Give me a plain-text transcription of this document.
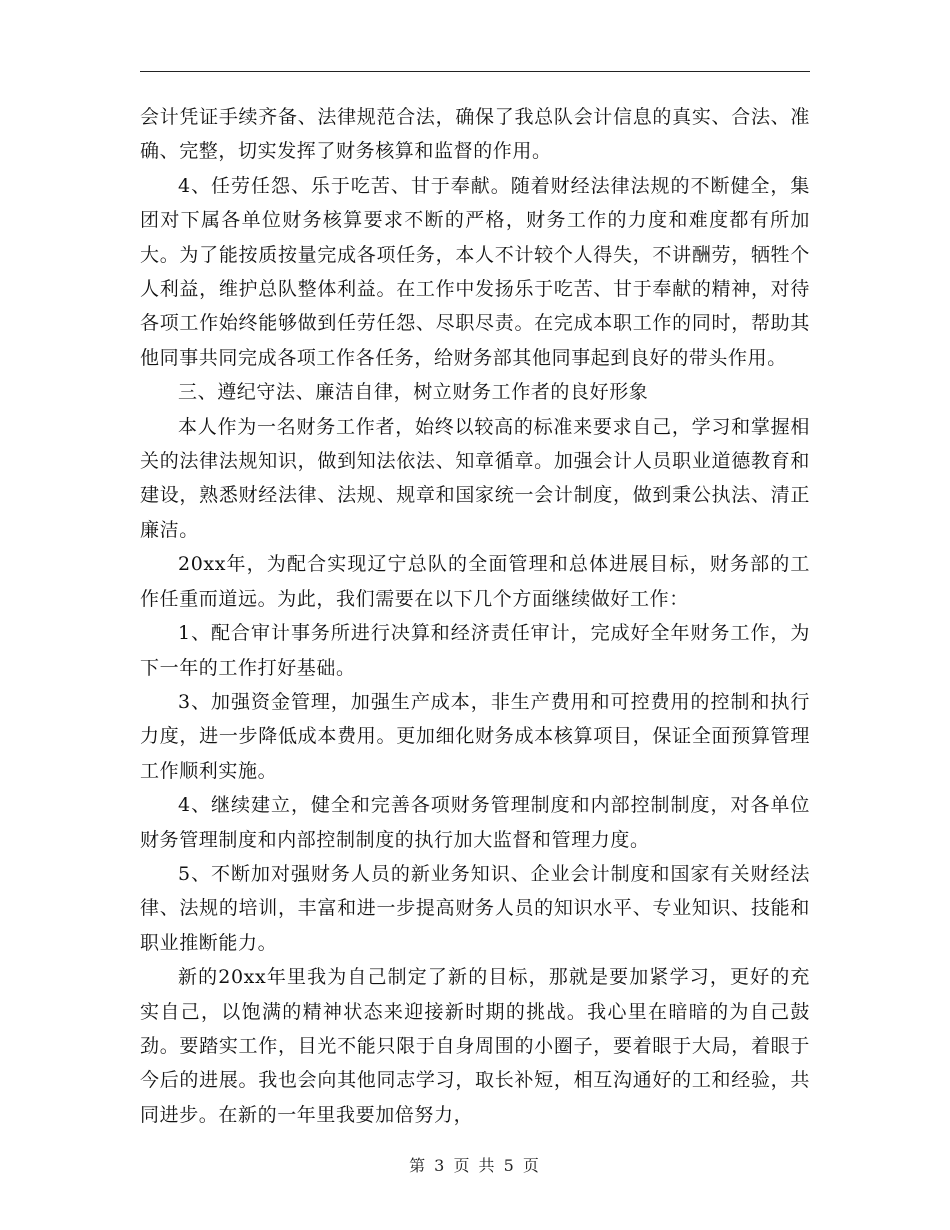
会计凭证手续齐备、法律规范合法，确保了我总队会计信息的真实、合法、准确、完整，切实发挥了财务核算和监督的作用。

4、任劳任怨、乐于吃苦、甘于奉献。随着财经法律法规的不断健全，集团对下属各单位财务核算要求不断的严格，财务工作的力度和难度都有所加大。为了能按质按量完成各项任务，本人不计较个人得失，不讲酬劳，牺牲个人利益，维护总队整体利益。在工作中发扬乐于吃苦、甘于奉献的精神，对待各项工作始终能够做到任劳任怨、尽职尽责。在完成本职工作的同时，帮助其他同事共同完成各项工作各任务，给财务部其他同事起到良好的带头作用。

三、遵纪守法、廉洁自律，树立财务工作者的良好形象

本人作为一名财务工作者，始终以较高的标准来要求自己，学习和掌握相关的法律法规知识，做到知法依法、知章循章。加强会计人员职业道德教育和建设，熟悉财经法律、法规、规章和国家统一会计制度，做到秉公执法、清正廉洁。

20xx年，为配合实现辽宁总队的全面管理和总体进展目标，财务部的工作任重而道远。为此，我们需要在以下几个方面继续做好工作：

1、配合审计事务所进行决算和经济责任审计，完成好全年财务工作，为下一年的工作打好基础。

3、加强资金管理，加强生产成本，非生产费用和可控费用的控制和执行力度，进一步降低成本费用。更加细化财务成本核算项目，保证全面预算管理工作顺利实施。

4、继续建立，健全和完善各项财务管理制度和内部控制制度，对各单位财务管理制度和内部控制制度的执行加大监督和管理力度。

5、不断加对强财务人员的新业务知识、企业会计制度和国家有关财经法律、法规的培训，丰富和进一步提高财务人员的知识水平、专业知识、技能和职业推断能力。

新的20xx年里我为自己制定了新的目标，那就是要加紧学习，更好的充实自己，以饱满的精神状态来迎接新时期的挑战。我心里在暗暗的为自己鼓劲。要踏实工作，目光不能只限于自身周围的小圈子，要着眼于大局，着眼于今后的进展。我也会向其他同志学习，取长补短，相互沟通好的工和经验，共同进步。在新的一年里我要加倍努力，

第 3 页 共 5 页
